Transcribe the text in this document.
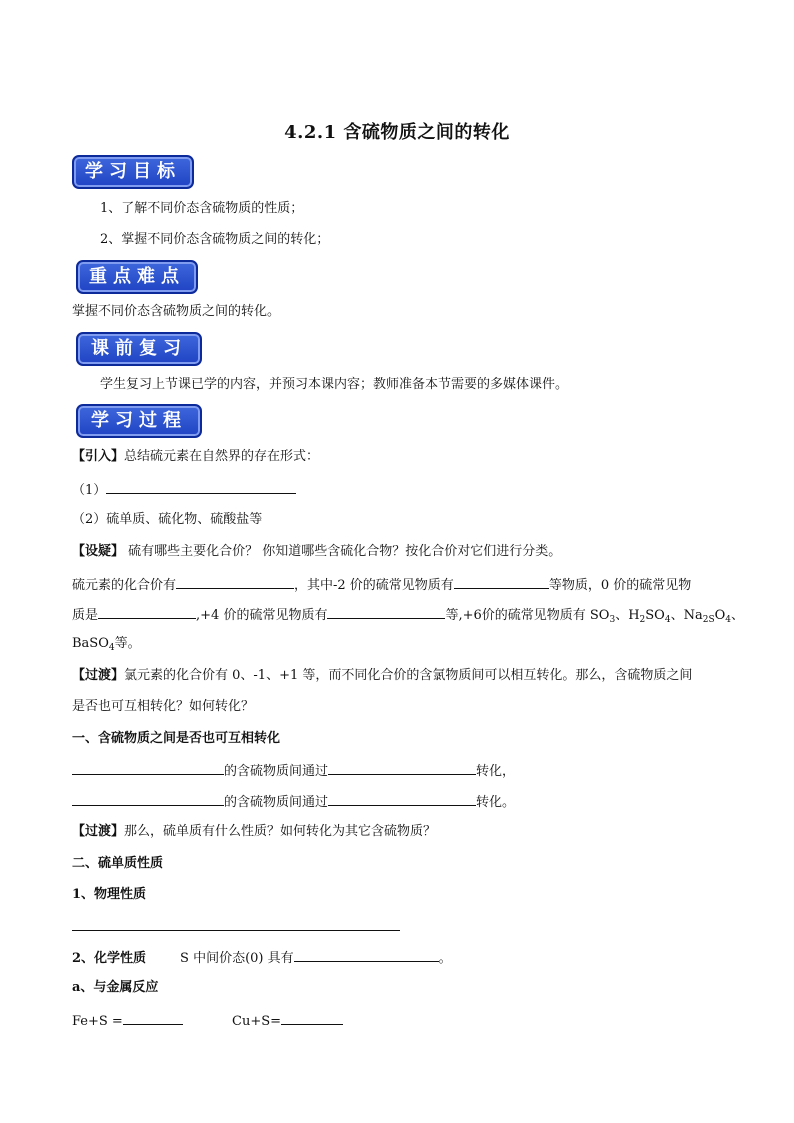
4.2.1 含硫物质之间的转化
学习目标
1、了解不同价态含硫物质的性质；
2、掌握不同价态含硫物质之间的转化；
重点难点
掌握不同价态含硫物质之间的转化。
课前复习
学生复习上节课已学的内容，并预习本课内容；教师准备本节需要的多媒体课件。
学习过程
【引入】总结硫元素在自然界的存在形式：
（1）
（2）硫单质、硫化物、硫酸盐等
【设疑】 硫有哪些主要化合价？ 你知道哪些含硫化合物？按化合价对它们进行分类。
硫元素的化合价有	，其中-2 价的硫常见物质有	等物质，0 价的硫常见物
质是	,+4 价的硫常见物质有	等,+6价的硫常见物质有 $SO_3$、$H_2SO_4$、$Na_{2S}O_4$、
BaSO$_4$等。
【过渡】氯元素的化合价有 0、-1、+1 等，而不同化合价的含氯物质间可以相互转化。那么，含硫物质之间
是否也可互相转化？如何转化？
一、含硫物质之间是否也可互相转化
的含硫物质间通过	转化，
的含硫物质间通过	转化。
【过渡】那么，硫单质有什么性质？如何转化为其它含硫物质？
二、硫单质性质
1、物理性质
2、化学性质	S 中间价态(0) 具有	。
a、与金属反应
Fe+S =	Cu+S=
